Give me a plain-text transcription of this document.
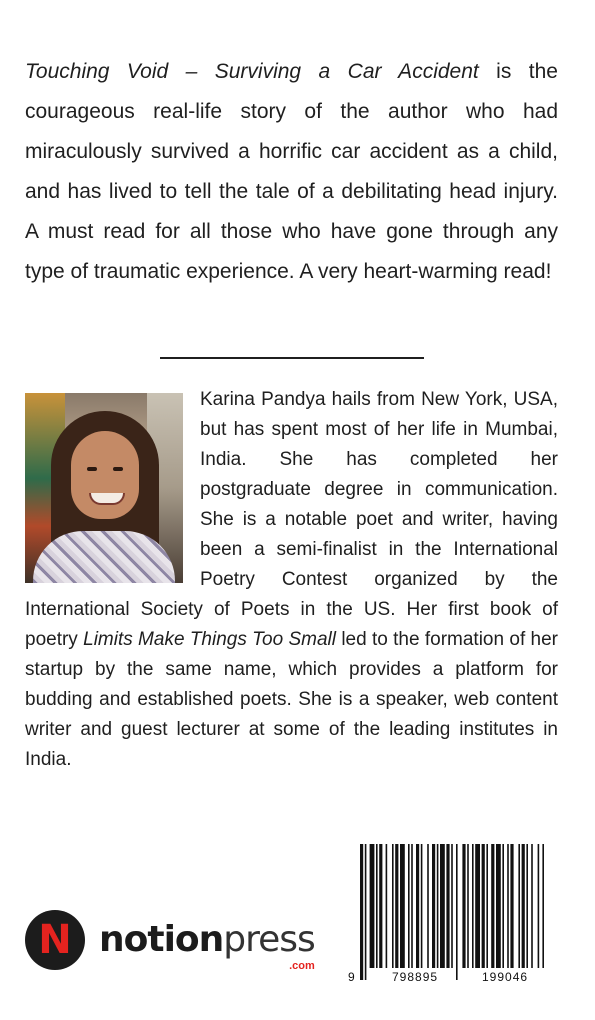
Touching Void – Surviving a Car Accident is the courageous real-life story of the author who had miraculously survived a horrific car accident as a child, and has lived to tell the tale of a debilitating head injury. A must read for all those who have gone through any type of traumatic experience. A very heart-warming read!

Karina Pandya hails from New York, USA, but has spent most of her life in Mumbai, India. She has completed her postgraduate degree in communication. She is a notable poet and writer, having been a semi-finalist in the International Poetry Contest organized by the International Society of Poets in the US. Her first book of poetry Limits Make Things Too Small led to the formation of her startup by the same name, which provides a platform for budding and established poets. She is a speaker, web content writer and guest lecturer at some of the leading institutes in India.

N notionpress
.com
9	798895	199046
